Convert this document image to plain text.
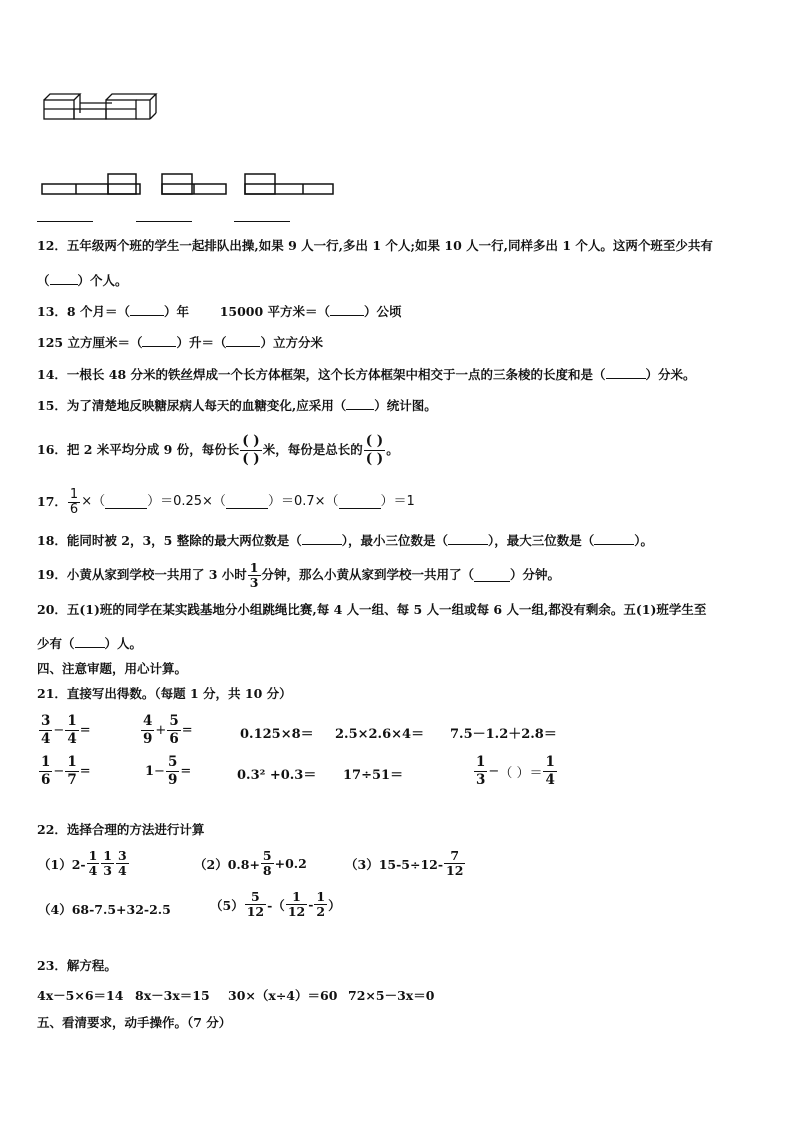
12．五年级两个班的学生一起排队出操,如果 9 人一行,多出 1 个人;如果 10 人一行,同样多出 1 个人。这两个班至少共有
（ ）个人。
13．8 个月＝（	）年 15000 平方米＝（	）公顷
125 立方厘米＝（	）升＝（	）立方分米
14．一根长 48 分米的铁丝焊成一个长方体框架，这个长方体框架中相交于一点的三条棱的长度和是（	）分米。
15．为了清楚地反映糖尿病人每天的血糖变化,应采用（ ）统计图。
16．把 2 米平均分成 9 份，每份长 $\frac{( )}{( )}$ 米，每份是总长的 $\frac{( )}{( )}$ 。
17． $\frac{1}{6}$ ×（	）＝0.25×（	）＝0.7×（	）＝1
18．能同时被 2，3，5 整除的最大两位数是（	），最小三位数是（	），最大三位数是（	）。
19．小黄从家到学校一共用了 3 小时 $\frac{1}{3}$ 分钟，那么小黄从家到学校一共用了（	）分钟。
20．五(1)班的同学在某实践基地分小组跳绳比赛,每 4 人一组、每 5 人一组或每 6 人一组,都没有剩余。五(1)班学生至
少有（ ）人。
四、注意审题，用心计算。
21．直接写出得数。（每题 1 分，共 10 分）
$\frac{3}{4} - \frac{1}{4}$ =	$\frac{4}{9} + \frac{5}{6}$ =	0.125×8＝ 2.5×2.6×4＝ 7.5－1.2＋2.8＝
$\frac{1}{6} - \frac{1}{7}$ =	$1 - \frac{5}{9}$ =	0.3² +0.3＝ 17÷51＝	$\frac{1}{3}$ − （ ）＝ $\frac{1}{4}$
22．选择合理的方法进行计算
$(1)2- \frac{1}{4} \frac{1}{3} \frac{3}{4}$	$(2)0.8+ \frac{5}{8} +0.2$	$(3)15-5\div 12- \frac{7}{12}$
（4）68-7.5+32-2.5	$(5) \frac{5}{12}$ -（ $\frac{1}{12} - \frac{1}{2}$ ）
23．解方程。
4x－5×6＝14 8x－3x＝15 30×（x÷4）＝60 72×5－3x＝0
五、看清要求，动手操作。（7 分）
